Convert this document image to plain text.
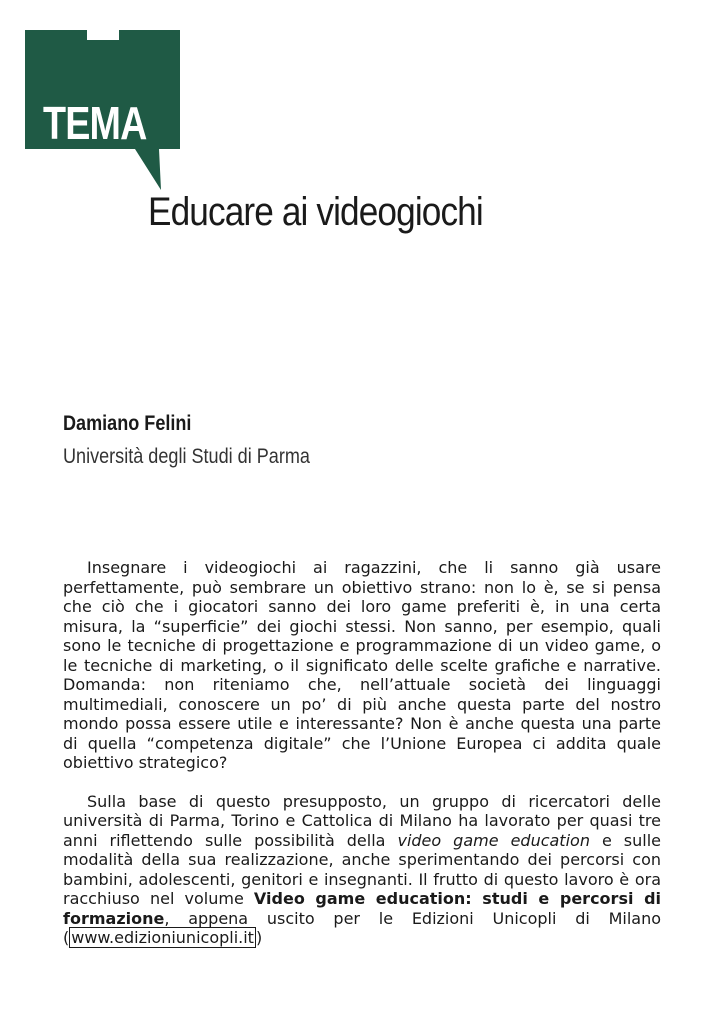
TEMA
Educare ai videogiochi
Damiano Felini
Università degli Studi di Parma

Insegnare i videogiochi ai ragazzini, che li sanno già usare perfettamente, può sembrare un obiettivo strano: non lo è, se si pensa che ciò che i giocatori sanno dei loro game preferiti è, in una certa misura, la “superficie” dei giochi stessi. Non sanno, per esempio, quali sono le tecniche di progettazione e programmazione di un video game, o le tecniche di marketing, o il significato delle scelte grafiche e narrative. Domanda: non riteniamo che, nell’attuale società dei linguaggi multimediali, conoscere un po’ di più anche questa parte del nostro mondo possa essere utile e interessante? Non è anche questa una parte di quella “competenza digitale” che l’Unione Europea ci addita quale obiettivo strategico?

Sulla base di questo presupposto, un gruppo di ricercatori delle università di Parma, Torino e Cattolica di Milano ha lavorato per quasi tre anni riflettendo sulle possibilità della video game education e sulle modalità della sua realizzazione, anche sperimentando dei percorsi con bambini, adolescenti, genitori e insegnanti. Il frutto di questo lavoro è ora racchiuso nel volume Video game education: studi e percorsi di formazione, appena uscito per le Edizioni Unicopli di Milano ( www.edizioniunicopli.it )
